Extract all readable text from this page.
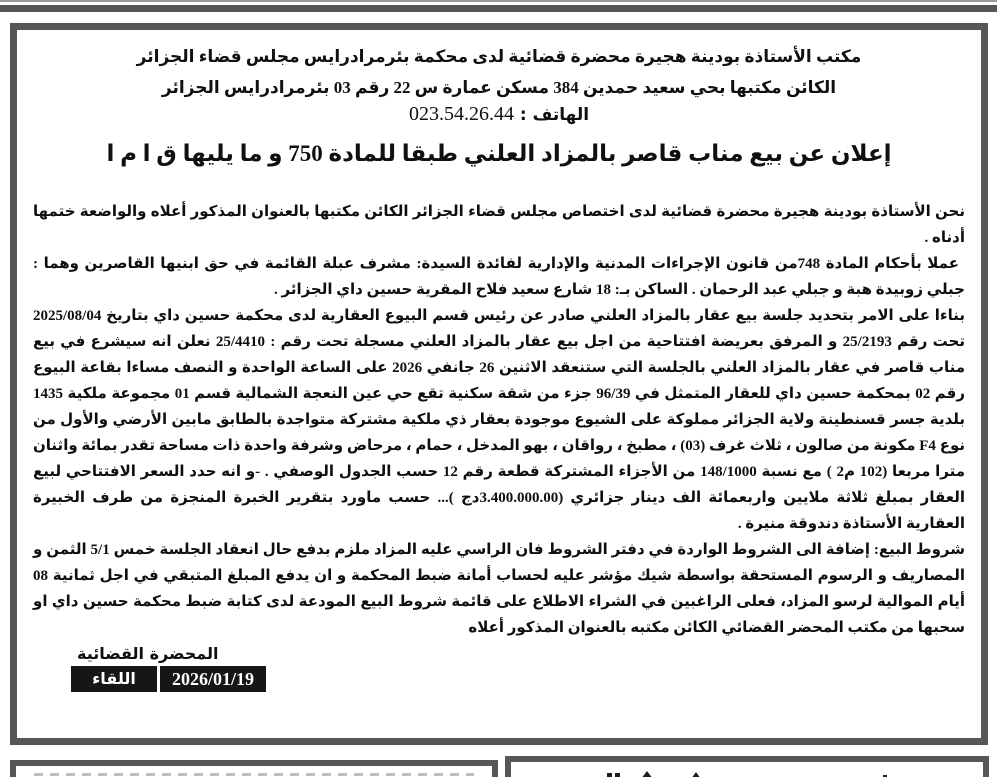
مكتب الأستاذة بودينة هجيرة محضرة قضائية لدى محكمة بئرمرادرايس مجلس قضاء الجزائر
الكائن مكتبها بحي سعيد حمدين 384 مسكن عمارة س 22 رقم 03 بئرمرادرايس الجزائر
الهاتف : 023.54.26.44
إعلان عن بيع مناب قاصر بالمزاد العلني طبقا للمادة 750 و ما يليها ق ا م ا

نحن الأستاذة بودينة هجيرة محضرة قضائية لدى اختصاص مجلس قضاء الجزائر الكائن مكتبها بالعنوان المذكور أعلاه والواضعة ختمها أدناه .

عملا بأحكام المادة 748من قانون الإجراءات المدنية والإدارية لفائدة السيدة: مشرف عبلة القائمة في حق ابنيها القاصرين وهما : جبلي زوبيدة هبة و جبلي عبد الرحمان . الساكن بـ: 18 شارع سعيد فلاح المقرية حسين داي الجزائر .

بناءا على الامر بتحديد جلسة بيع عقار بالمزاد العلني صادر عن رئيس قسم البيوع العقارية لدى محكمة حسين داي بتاريخ 2025/08/04 تحت رقم 25/2193 و المرفق بعريضة افتتاحية من اجل بيع عقار بالمزاد العلني مسجلة تحت رقم : 25/4410 نعلن انه سيشرع في بيع مناب قاصر في عقار بالمزاد العلني بالجلسة التي ستنعقد الاثنين 26 جانفي 2026 على الساعة الواحدة و النصف مساءا بقاعة البيوع رقم 02 بمحكمة حسين داي للعقار المتمثل في 96/39 جزء من شقة سكنية تقع حي عين النعجة الشمالية قسم 01 مجموعة ملكية 1435 بلدية جسر قسنطينة ولاية الجزائر مملوكة على الشيوع موجودة بعقار ذي ملكية مشتركة متواجدة بالطابق مابين الأرضي والأول من نوع F4 مكونة من صالون ، ثلاث غرف (03) ، مطبخ ، رواقان ، بهو المدخل ، حمام ، مرحاض وشرفة واحدة ذات مساحة تقدر بمائة واثنان مترا مربعا (102 م2 ) مع نسبة 148/1000 من الأجزاء المشتركة قطعة رقم 12 حسب الجدول الوصفي . -و انه حدد السعر الافتتاحي لبيع العقار بمبلغ ثلاثة ملايين واربعمائة الف دينار جزائري (3.400.000.00دج )... حسب ماورد بتقرير الخبرة المنجزة من طرف الخبيرة العقارية الأستاذة دندوقة منيرة .

شروط البيع: إضافة الى الشروط الواردة في دفتر الشروط فان الراسي عليه المزاد ملزم بدفع حال انعقاد الجلسة خمس 5/1 الثمن و المصاريف و الرسوم المستحقة بواسطة شيك مؤشر عليه لحساب أمانة ضبط المحكمة و ان يدفع المبلغ المتبقي في اجل ثمانية 08 أيام الموالية لرسو المزاد، فعلى الراغبين في الشراء الاطلاع على قائمة شروط البيع المودعة لدى كتابة ضبط محكمة حسين داي او سحبها من مكتب المحضر القضائي الكائن مكتبه بالعنوان المذكور أعلاه

المحضرة القضائية
اللقاء	2026/01/19
